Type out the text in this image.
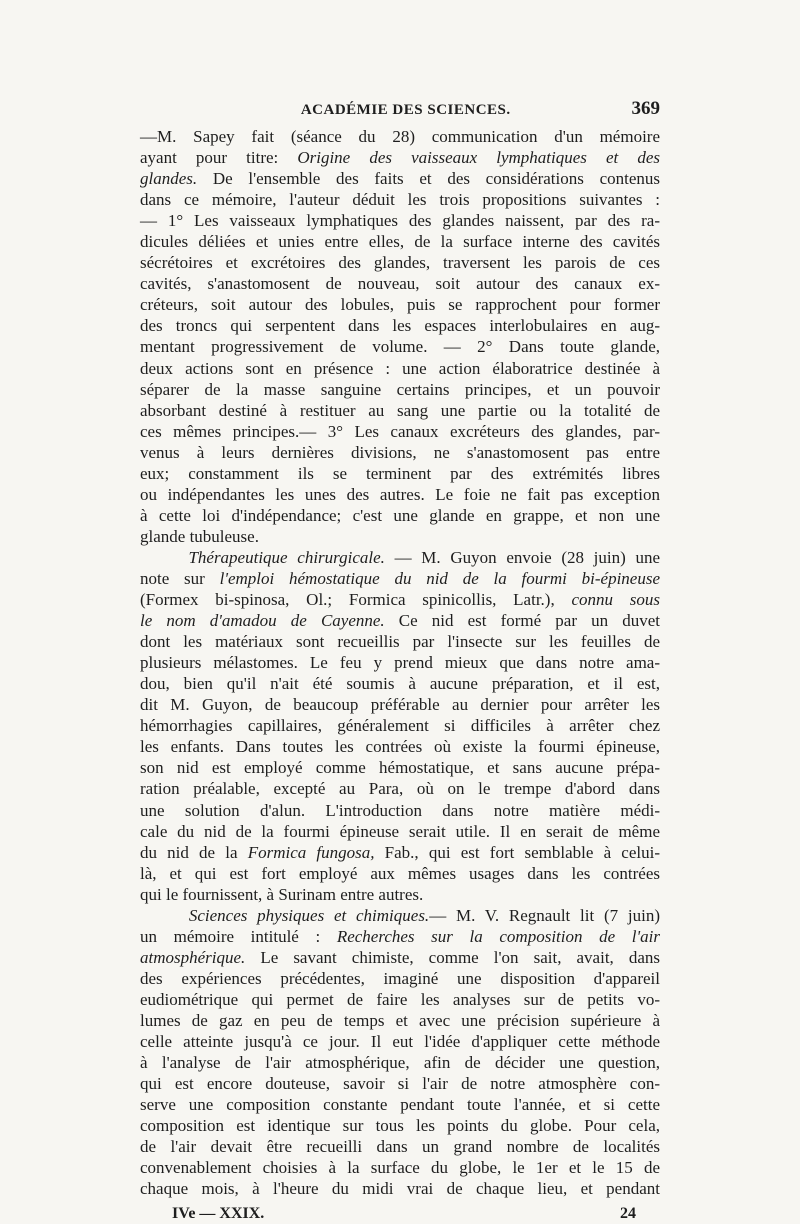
ACADÉMIE DES SCIENCES.	369
—M. Sapey fait (séance du 28) communication d'un mémoire
ayant pour titre: Origine des vaisseaux lymphatiques et des
glandes. De l'ensemble des faits et des considérations contenus
dans ce mémoire, l'auteur déduit les trois propositions suivantes :
— 1° Les vaisseaux lymphatiques des glandes naissent, par des ra-
dicules déliées et unies entre elles, de la surface interne des cavités
sécrétoires et excrétoires des glandes, traversent les parois de ces
cavités, s'anastomosent de nouveau, soit autour des canaux ex-
créteurs, soit autour des lobules, puis se rapprochent pour former
des troncs qui serpentent dans les espaces interlobulaires en aug-
mentant progressivement de volume. — 2° Dans toute glande,
deux actions sont en présence : une action élaboratrice destinée à
séparer de la masse sanguine certains principes, et un pouvoir
absorbant destiné à restituer au sang une partie ou la totalité de
ces mêmes principes.— 3° Les canaux excréteurs des glandes, par-
venus à leurs dernières divisions, ne s'anastomosent pas entre
eux; constamment ils se terminent par des extrémités libres
ou indépendantes les unes des autres. Le foie ne fait pas exception
à cette loi d'indépendance; c'est une glande en grappe, et non une
glande tubuleuse.
Thérapeutique chirurgicale. — M. Guyon envoie (28 juin) une
note sur l'emploi hémostatique du nid de la fourmi bi-épineuse
(Formex bi-spinosa, Ol.; Formica spinicollis, Latr.), connu sous
le nom d'amadou de Cayenne. Ce nid est formé par un duvet
dont les matériaux sont recueillis par l'insecte sur les feuilles de
plusieurs mélastomes. Le feu y prend mieux que dans notre ama-
dou, bien qu'il n'ait été soumis à aucune préparation, et il est,
dit M. Guyon, de beaucoup préférable au dernier pour arrêter les
hémorrhagies capillaires, généralement si difficiles à arrêter chez
les enfants. Dans toutes les contrées où existe la fourmi épineuse,
son nid est employé comme hémostatique, et sans aucune prépa-
ration préalable, excepté au Para, où on le trempe d'abord dans
une solution d'alun. L'introduction dans notre matière médi-
cale du nid de la fourmi épineuse serait utile. Il en serait de même
du nid de la Formica fungosa, Fab., qui est fort semblable à celui-
là, et qui est fort employé aux mêmes usages dans les contrées
qui le fournissent, à Surinam entre autres.
Sciences physiques et chimiques.— M. V. Regnault lit (7 juin)
un mémoire intitulé : Recherches sur la composition de l'air
atmosphérique. Le savant chimiste, comme l'on sait, avait, dans
des expériences précédentes, imaginé une disposition d'appareil
eudiométrique qui permet de faire les analyses sur de petits vo-
lumes de gaz en peu de temps et avec une précision supérieure à
celle atteinte jusqu'à ce jour. Il eut l'idée d'appliquer cette méthode
à l'analyse de l'air atmosphérique, afin de décider une question,
qui est encore douteuse, savoir si l'air de notre atmosphère con-
serve une composition constante pendant toute l'année, et si cette
composition est identique sur tous les points du globe. Pour cela,
de l'air devait être recueilli dans un grand nombre de localités
convenablement choisies à la surface du globe, le 1er et le 15 de
chaque mois, à l'heure du midi vrai de chaque lieu, et pendant
IVe — XXIX.	24
